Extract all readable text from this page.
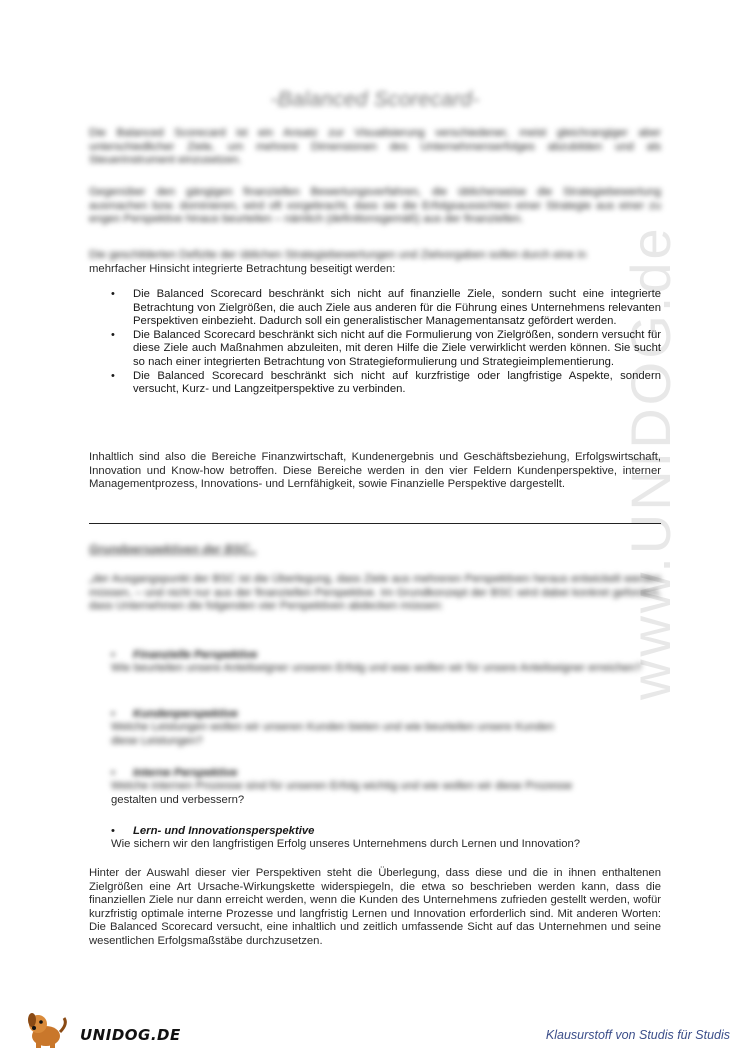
www.UNIDOG.de
-Balanced Scorecard-
Die Balanced Scorecard ist ein Ansatz zur Visualisierung verschiedener, meist gleichrangiger aber unterschiedlicher Ziele, um mehrere Dimensionen des Unternehmenserfolges abzubilden und als Steuerinstrument einzusetzen.
Gegenüber den gängigen finanziellen Bewertungsverfahren, die üblicherweise die Strategiebewertung ausmachen bzw. dominieren, wird oft vorgebracht, dass sie die Erfolgsaussichten einer Strategie aus einer zu engen Perspektive hinaus beurteilen – nämlich (definitionsgemäß) aus der finanziellen.
Die geschilderten Defizite der üblichen Strategiebewertungen und Zielvorgaben sollen durch eine in
mehrfacher Hinsicht integrierte Betrachtung beseitigt werden:
• Die Balanced Scorecard beschränkt sich nicht auf finanzielle Ziele, sondern sucht eine integrierte Betrachtung von Zielgrößen, die auch Ziele aus anderen für die Führung eines Unternehmens relevanten Perspektiven einbezieht. Dadurch soll ein generalistischer Managementansatz gefördert werden.
• Die Balanced Scorecard beschränkt sich nicht auf die Formulierung von Zielgrößen, sondern versucht für diese Ziele auch Maßnahmen abzuleiten, mit deren Hilfe die Ziele verwirklicht werden können. Sie sucht so nach einer integrierten Betrachtung von Strategieformulierung und Strategieimplementierung.
• Die Balanced Scorecard beschränkt sich nicht auf kurzfristige oder langfristige Aspekte, sondern versucht, Kurz- und Langzeitperspektive zu verbinden.
Inhaltlich sind also die Bereiche Finanzwirtschaft, Kundenergebnis und Geschäftsbeziehung, Erfolgswirtschaft, Innovation und Know-how betroffen. Diese Bereiche werden in den vier Feldern Kundenperspektive, interner Managementprozess, Innovations- und Lernfähigkeit, sowie Finanzielle Perspektive dargestellt.
Grundperspektiven der BSC..
„der Ausgangspunkt der BSC ist die Überlegung, dass Ziele aus mehreren Perspektiven heraus entwickelt werden müssen, – und nicht nur aus der finanziellen Perspektive. Im Grundkonzept der BSC wird dabei konkret gefordert, dass Unternehmen die folgenden vier Perspektiven abdecken müssen:
• Finanzielle Perspektive
Wie beurteilen unsere Anteilseigner unseren Erfolg und was wollen wir für unsere Anteilseigner erreichen?
• Kundenperspektive
Welche Leistungen wollen wir unseren Kunden bieten und wie beurteilen unsere Kunden diese Leistungen?
• Interne Perspektive
Welche internen Prozesse sind für unseren Erfolg wichtig und wie wollen wir diese Prozesse
gestalten und verbessern?
• Lern- und Innovationsperspektive
Wie sichern wir den langfristigen Erfolg unseres Unternehmens durch Lernen und Innovation?
Hinter der Auswahl dieser vier Perspektiven steht die Überlegung, dass diese und die in ihnen enthaltenen Zielgrößen eine Art Ursache-Wirkungskette widerspiegeln, die etwa so beschrieben werden kann, dass die finanziellen Ziele nur dann erreicht werden, wenn die Kunden des Unternehmens zufrieden gestellt werden, wofür kurzfristig optimale interne Prozesse und langfristig Lernen und Innovation erforderlich sind. Mit anderen Worten: Die Balanced Scorecard versucht, eine inhaltlich und zeitlich umfassende Sicht auf das Unternehmen und seine wesentlichen Erfolgsmaßstäbe durchzusetzen.
UNIDOG.DE	Klausurstoff von Studis für Studis
